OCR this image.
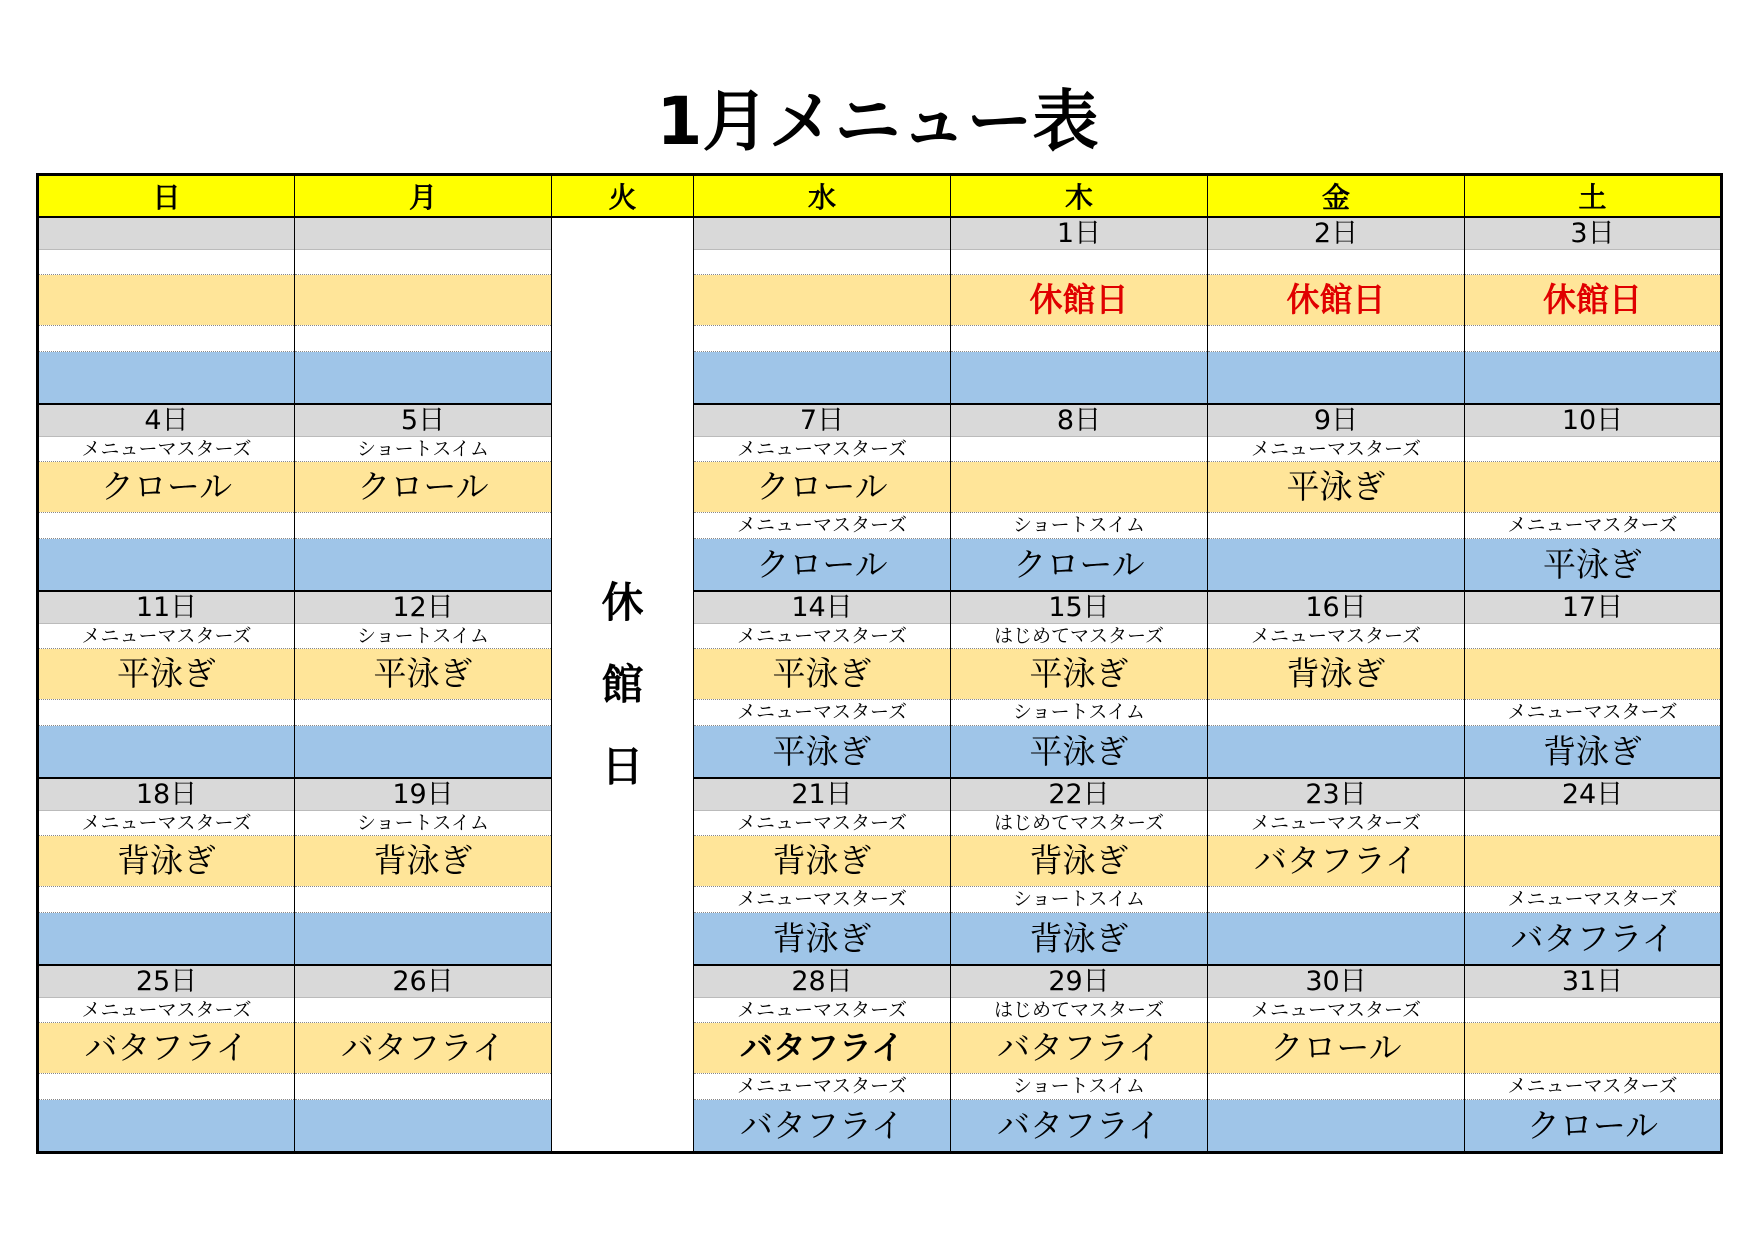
1月メニュー表
日	月	火	水	木	金	土
		休館日		1日	2日	3日

				休館日	休館日	休館日

4日	5日		7日	8日	9日	10日
メニューマスターズ	ショートスイム		メニューマスターズ		メニューマスターズ	
クロール	クロール		クロール		平泳ぎ	
			メニューマスターズ	ショートスイム		メニューマスターズ
			クロール	クロール		平泳ぎ
11日	12日		14日	15日	16日	17日
メニューマスターズ	ショートスイム		メニューマスターズ	はじめてマスターズ	メニューマスターズ	
平泳ぎ	平泳ぎ		平泳ぎ	平泳ぎ	背泳ぎ	
			メニューマスターズ	ショートスイム		メニューマスターズ
			平泳ぎ	平泳ぎ		背泳ぎ
18日	19日		21日	22日	23日	24日
メニューマスターズ	ショートスイム		メニューマスターズ	はじめてマスターズ	メニューマスターズ	
背泳ぎ	背泳ぎ		背泳ぎ	背泳ぎ	バタフライ	
			メニューマスターズ	ショートスイム		メニューマスターズ
			背泳ぎ	背泳ぎ		バタフライ
25日	26日		28日	29日	30日	31日
メニューマスターズ			メニューマスターズ	はじめてマスターズ	メニューマスターズ	
バタフライ	バタフライ		バタフライ	バタフライ	クロール	
			メニューマスターズ	ショートスイム		メニューマスターズ
			バタフライ	バタフライ		クロール
